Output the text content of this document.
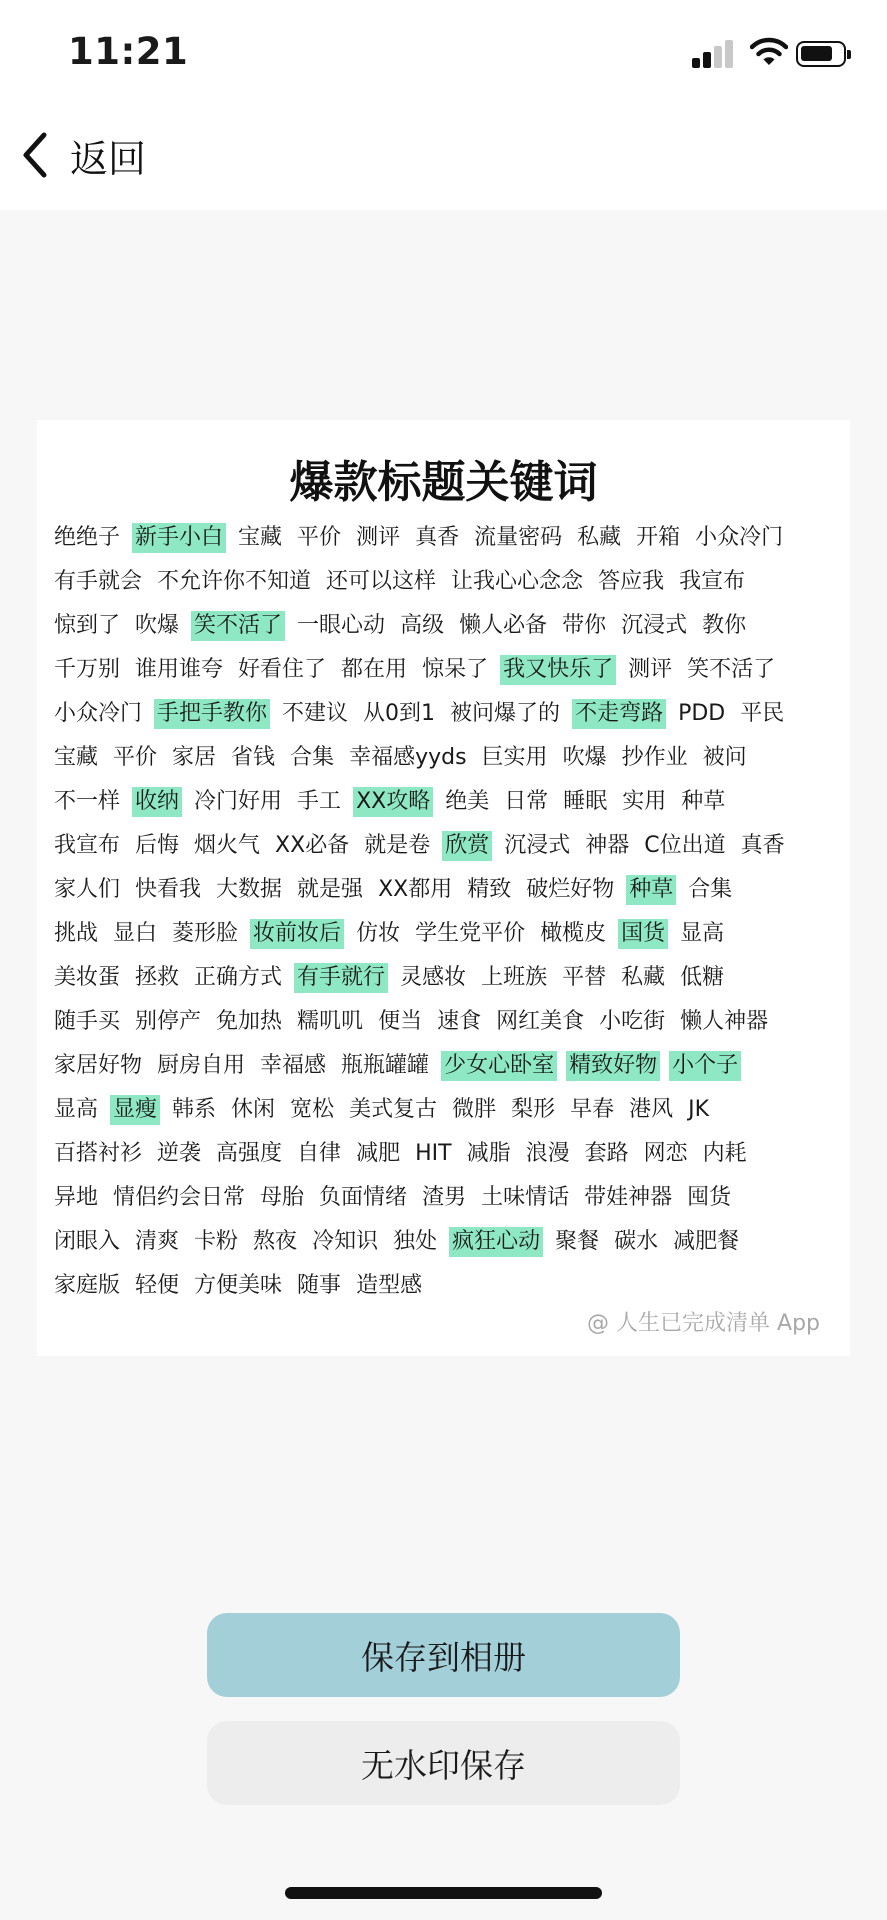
11:21
返回
爆款标题关键词
绝绝子 新手小白 宝藏 平价 测评 真香 流量密码 私藏 开箱 小众冷门
有手就会 不允许你不知道 还可以这样 让我心心念念 答应我 我宣布
惊到了 吹爆 笑不活了 一眼心动 高级 懒人必备 带你 沉浸式 教你
千万别 谁用谁夸 好看住了 都在用 惊呆了 我又快乐了 测评 笑不活了
小众冷门 手把手教你 不建议 从0到1 被问爆了的 不走弯路 PDD 平民
宝藏 平价 家居 省钱 合集 幸福感yyds 巨实用 吹爆 抄作业 被问
不一样 收纳 冷门好用 手工 XX攻略 绝美 日常 睡眠 实用 种草
我宣布 后悔 烟火气 XX必备 就是卷 欣赏 沉浸式 神器 C位出道 真香
家人们 快看我 大数据 就是强 XX都用 精致 破烂好物 种草 合集
挑战 显白 菱形脸 妆前妆后 仿妆 学生党平价 橄榄皮 国货 显高
美妆蛋 拯救 正确方式 有手就行 灵感妆 上班族 平替 私藏 低糖
随手买 别停产 免加热 糯叽叽 便当 速食 网红美食 小吃街 懒人神器
家居好物 厨房自用 幸福感 瓶瓶罐罐 少女心卧室 精致好物 小个子
显高 显瘦 韩系 休闲 宽松 美式复古 微胖 梨形 早春 港风 JK
百搭衬衫 逆袭 高强度 自律 减肥 HIT 减脂 浪漫 套路 网恋 内耗
异地 情侣约会日常 母胎 负面情绪 渣男 土味情话 带娃神器 囤货
闭眼入 清爽 卡粉 熬夜 冷知识 独处 疯狂心动 聚餐 碳水 减肥餐
家庭版 轻便 方便美味 随事 造型感
@ 人生已完成清单 App
保存到相册
无水印保存
